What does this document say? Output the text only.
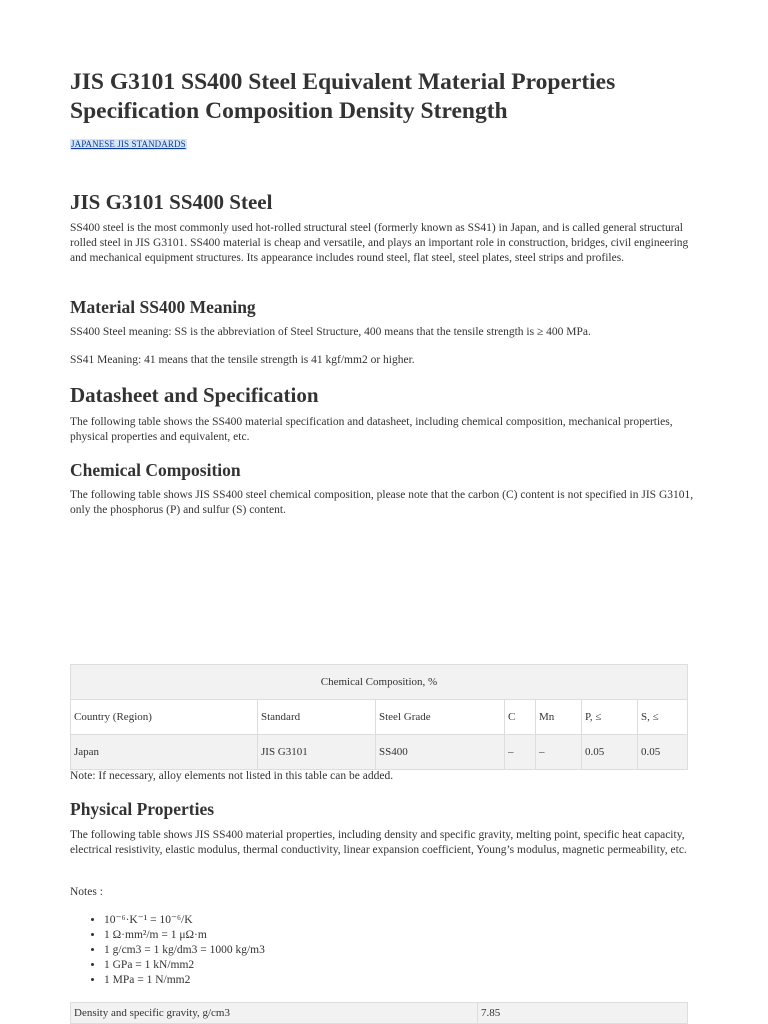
JIS G3101 SS400 Steel Equivalent Material Properties Specification Composition Density Strength
JAPANESE JIS STANDARDS
JIS G3101 SS400 Steel

SS400 steel is the most commonly used hot-rolled structural steel (formerly known as SS41) in Japan, and is called general structural rolled steel in JIS G3101. SS400 material is cheap and versatile, and plays an important role in construction, bridges, civil engineering and mechanical equipment structures. Its appearance includes round steel, flat steel, steel plates, steel strips and profiles.

Material SS400 Meaning

SS400 Steel meaning: SS is the abbreviation of Steel Structure, 400 means that the tensile strength is ≥ 400 MPa.

SS41 Meaning: 41 means that the tensile strength is 41 kgf/mm2 or higher.

Datasheet and Specification

The following table shows the SS400 material specification and datasheet, including chemical composition, mechanical properties, physical properties and equivalent, etc.

Chemical Composition

The following table shows JIS SS400 steel chemical composition, please note that the carbon (C) content is not specified in JIS G3101, only the phosphorus (P) and sulfur (S) content.

Chemical Composition, %						
Country (Region)	Standard	Steel Grade	C	Mn	P, ≤	S, ≤
Japan	JIS G3101	SS400	–	–	0.05	0.05

Note: If necessary, alloy elements not listed in this table can be added.

Physical Properties

The following table shows JIS SS400 material properties, including density and specific gravity, melting point, specific heat capacity, electrical resistivity, elastic modulus, thermal conductivity, linear expansion coefficient, Young’s modulus, magnetic permeability, etc.

Notes :

• 10⁻⁶·K⁻¹ = 10⁻⁶/K
• 1 Ω·mm²/m = 1 μΩ·m
• 1 g/cm3 = 1 kg/dm3 = 1000 kg/m3
• 1 GPa = 1 kN/mm2
• 1 MPa = 1 N/mm2
Density and specific gravity, g/cm3	7.85
